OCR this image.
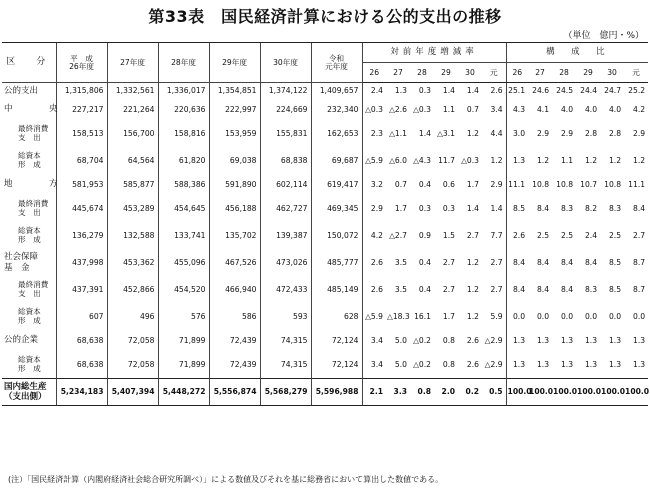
第33表　国民経済計算における公的支出の推移
（単位　億円・%）
区　分	平　成
26年度	27年度	28年度	29年度	30年度	令和
元年度	対前年度増減率						構　成　比					
							26	27	28	29	30	元	26	27	28	29	30	元
公的支出	1,315,806	1,332,561	1,336,017	1,354,851	1,374,122	1,409,657	2.4	1.3	0.3	1.4	1.4	2.6	25.1	24.6	24.5	24.4	24.7	25.2
中　央	227,217	221,264	220,636	222,997	224,669	232,340	△0.3	△2.6	△0.3	1.1	0.7	3.4	4.3	4.1	4.0	4.0	4.0	4.2

最終消費
支　出	158,513	156,700	158,816	153,959	155,831	162,653	2.3	△1.1	1.4	△3.1	1.2	4.4	3.0	2.9	2.9	2.8	2.8	2.9

総資本
形　成	68,704	64,564	61,820	69,038	68,838	69,687	△5.9	△6.0	△4.3	11.7	△0.3	1.2	1.3	1.2	1.1	1.2	1.2	1.2
地　方	581,953	585,877	588,386	591,890	602,114	619,417	3.2	0.7	0.4	0.6	1.7	2.9	11.1	10.8	10.8	10.7	10.8	11.1

最終消費
支　出	445,674	453,289	454,645	456,188	462,727	469,345	2.9	1.7	0.3	0.3	1.4	1.4	8.5	8.4	8.3	8.2	8.3	8.4

総資本
形　成	136,279	132,588	133,741	135,702	139,387	150,072	4.2	△2.7	0.9	1.5	2.7	7.7	2.6	2.5	2.5	2.4	2.5	2.7

社会保障
基　金	437,998	453,362	455,096	467,526	473,026	485,777	2.6	3.5	0.4	2.7	1.2	2.7	8.4	8.4	8.4	8.4	8.5	8.7

最終消費
支　出	437,391	452,866	454,520	466,940	472,433	485,149	2.6	3.5	0.4	2.7	1.2	2.7	8.4	8.4	8.4	8.3	8.5	8.7

総資本
形　成	607	496	576	586	593	628	△5.9	△18.3	16.1	1.7	1.2	5.9	0.0	0.0	0.0	0.0	0.0	0.0
公的企業	68,638	72,058	71,899	72,439	74,315	72,124	3.4	5.0	△0.2	0.8	2.6	△2.9	1.3	1.3	1.3	1.3	1.3	1.3

総資本
形　成	68,638	72,058	71,899	72,439	74,315	72,124	3.4	5.0	△0.2	0.8	2.6	△2.9	1.3	1.3	1.3	1.3	1.3	1.3

国内総生産
（支出側）	5,234,183	5,407,394	5,448,272	5,556,874	5,568,279	5,596,988	2.1	3.3	0.8	2.0	0.2	0.5	100.0	100.0	100.0	100.0	100.0	100.0
(注）「国民経済計算（内閣府経済社会総合研究所調べ）」による数値及びそれを基に総務省において算出した数値である。
